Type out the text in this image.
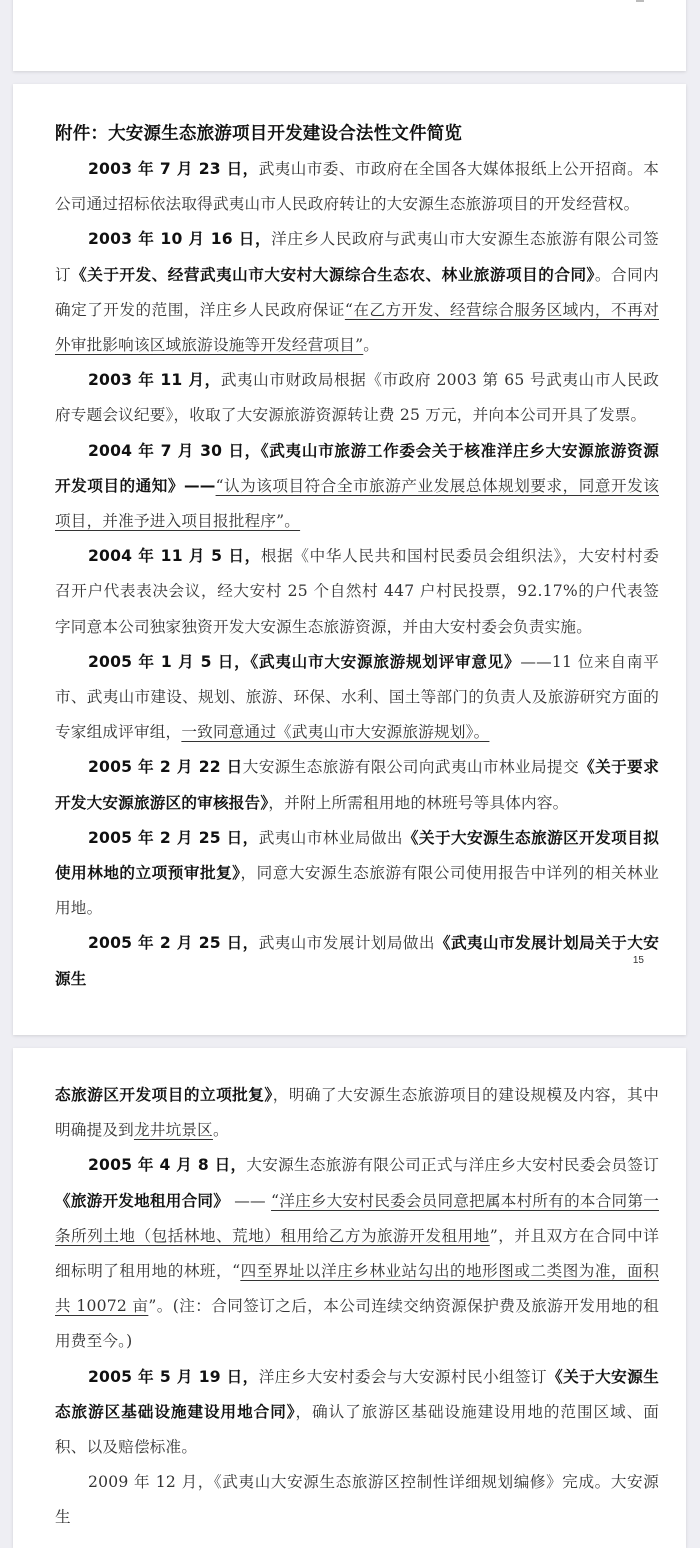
附件：大安源生态旅游项目开发建设合法性文件简览

2003 年 7 月 23 日，武夷山市委、市政府在全国各大媒体报纸上公开招商。本公司通过招标依法取得武夷山市人民政府转让的大安源生态旅游项目的开发经营权。

2003 年 10 月 16 日，洋庄乡人民政府与武夷山市大安源生态旅游有限公司签订《关于开发、经营武夷山市大安村大源综合生态农、林业旅游项目的合同》。合同内确定了开发的范围，洋庄乡人民政府保证“在乙方开发、经营综合服务区域内，不再对外审批影响该区域旅游设施等开发经营项目”。

2003 年 11 月，武夷山市财政局根据《市政府 2003 第 65 号武夷山市人民政府专题会议纪要》，收取了大安源旅游资源转让费 25 万元，并向本公司开具了发票。

2004 年 7 月 30 日，《武夷山市旅游工作委会关于核准洋庄乡大安源旅游资源开发项目的通知》——“认为该项目符合全市旅游产业发展总体规划要求，同意开发该项目，并准予进入项目报批程序”。

2004 年 11 月 5 日，根据《中华人民共和国村民委员会组织法》，大安村村委召开户代表表决会议，经大安村 25 个自然村 447 户村民投票，92.17%的户代表签字同意本公司独家独资开发大安源生态旅游资源，并由大安村委会负责实施。

2005 年 1 月 5 日，《武夷山市大安源旅游规划评审意见》——11 位来自南平市、武夷山市建设、规划、旅游、环保、水利、国土等部门的负责人及旅游研究方面的专家组成评审组，一致同意通过《武夷山市大安源旅游规划》。

2005 年 2 月 22 日大安源生态旅游有限公司向武夷山市林业局提交《关于要求开发大安源旅游区的审核报告》，并附上所需租用地的林班号等具体内容。

2005 年 2 月 25 日，武夷山市林业局做出《关于大安源生态旅游区开发项目拟使用林地的立项预审批复》，同意大安源生态旅游有限公司使用报告中详列的相关林业用地。

2005 年 2 月 25 日，武夷山市发展计划局做出《武夷山市发展计划局关于大安源生

15

态旅游区开发项目的立项批复》，明确了大安源生态旅游项目的建设规模及内容，其中明确提及到龙井坑景区。

2005 年 4 月 8 日，大安源生态旅游有限公司正式与洋庄乡大安村民委会员签订《旅游开发地租用合同》 —— “洋庄乡大安村民委会员同意把属本村所有的本合同第一条所列土地（包括林地、荒地）租用给乙方为旅游开发租用地”，并且双方在合同中详细标明了租用地的林班，“四至界址以洋庄乡林业站勾出的地形图或二类图为准，面积共 10072 亩”。(注：合同签订之后，本公司连续交纳资源保护费及旅游开发用地的租用费至今。)

2005 年 5 月 19 日，洋庄乡大安村委会与大安源村民小组签订《关于大安源生态旅游区基础设施建设用地合同》，确认了旅游区基础设施建设用地的范围区域、面积、以及赔偿标准。

2009 年 12 月，《武夷山大安源生态旅游区控制性详细规划编修》完成。大安源生
